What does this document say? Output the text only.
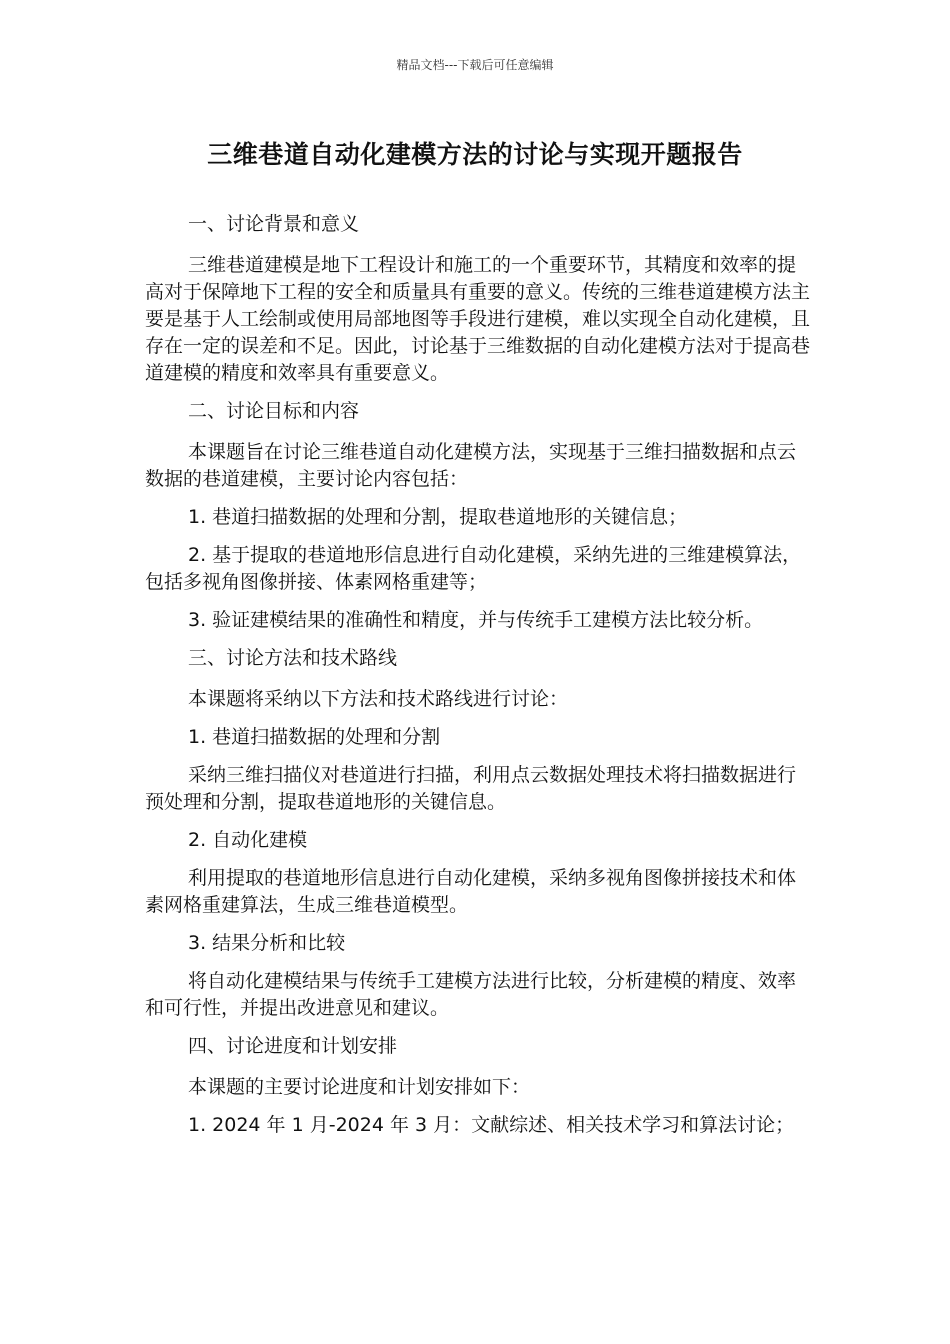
精品文档---下载后可任意编辑
三维巷道自动化建模方法的讨论与实现开题报告

一、讨论背景和意义

三维巷道建模是地下工程设计和施工的一个重要环节，其精度和效率的提高对于保障地下工程的安全和质量具有重要的意义。传统的三维巷道建模方法主要是基于人工绘制或使用局部地图等手段进行建模，难以实现全自动化建模，且存在一定的误差和不足。因此，讨论基于三维数据的自动化建模方法对于提高巷道建模的精度和效率具有重要意义。

二、讨论目标和内容

本课题旨在讨论三维巷道自动化建模方法，实现基于三维扫描数据和点云数据的巷道建模，主要讨论内容包括：

1. 巷道扫描数据的处理和分割，提取巷道地形的关键信息；

2. 基于提取的巷道地形信息进行自动化建模，采纳先进的三维建模算法，包括多视角图像拼接、体素网格重建等；

3. 验证建模结果的准确性和精度，并与传统手工建模方法比较分析。

三、讨论方法和技术路线

本课题将采纳以下方法和技术路线进行讨论：

1. 巷道扫描数据的处理和分割

采纳三维扫描仪对巷道进行扫描，利用点云数据处理技术将扫描数据进行预处理和分割，提取巷道地形的关键信息。

2. 自动化建模

利用提取的巷道地形信息进行自动化建模，采纳多视角图像拼接技术和体素网格重建算法，生成三维巷道模型。

3. 结果分析和比较

将自动化建模结果与传统手工建模方法进行比较，分析建模的精度、效率和可行性，并提出改进意见和建议。

四、讨论进度和计划安排

本课题的主要讨论进度和计划安排如下：

1. 2024 年 1 月-2024 年 3 月：文献综述、相关技术学习和算法讨论；
